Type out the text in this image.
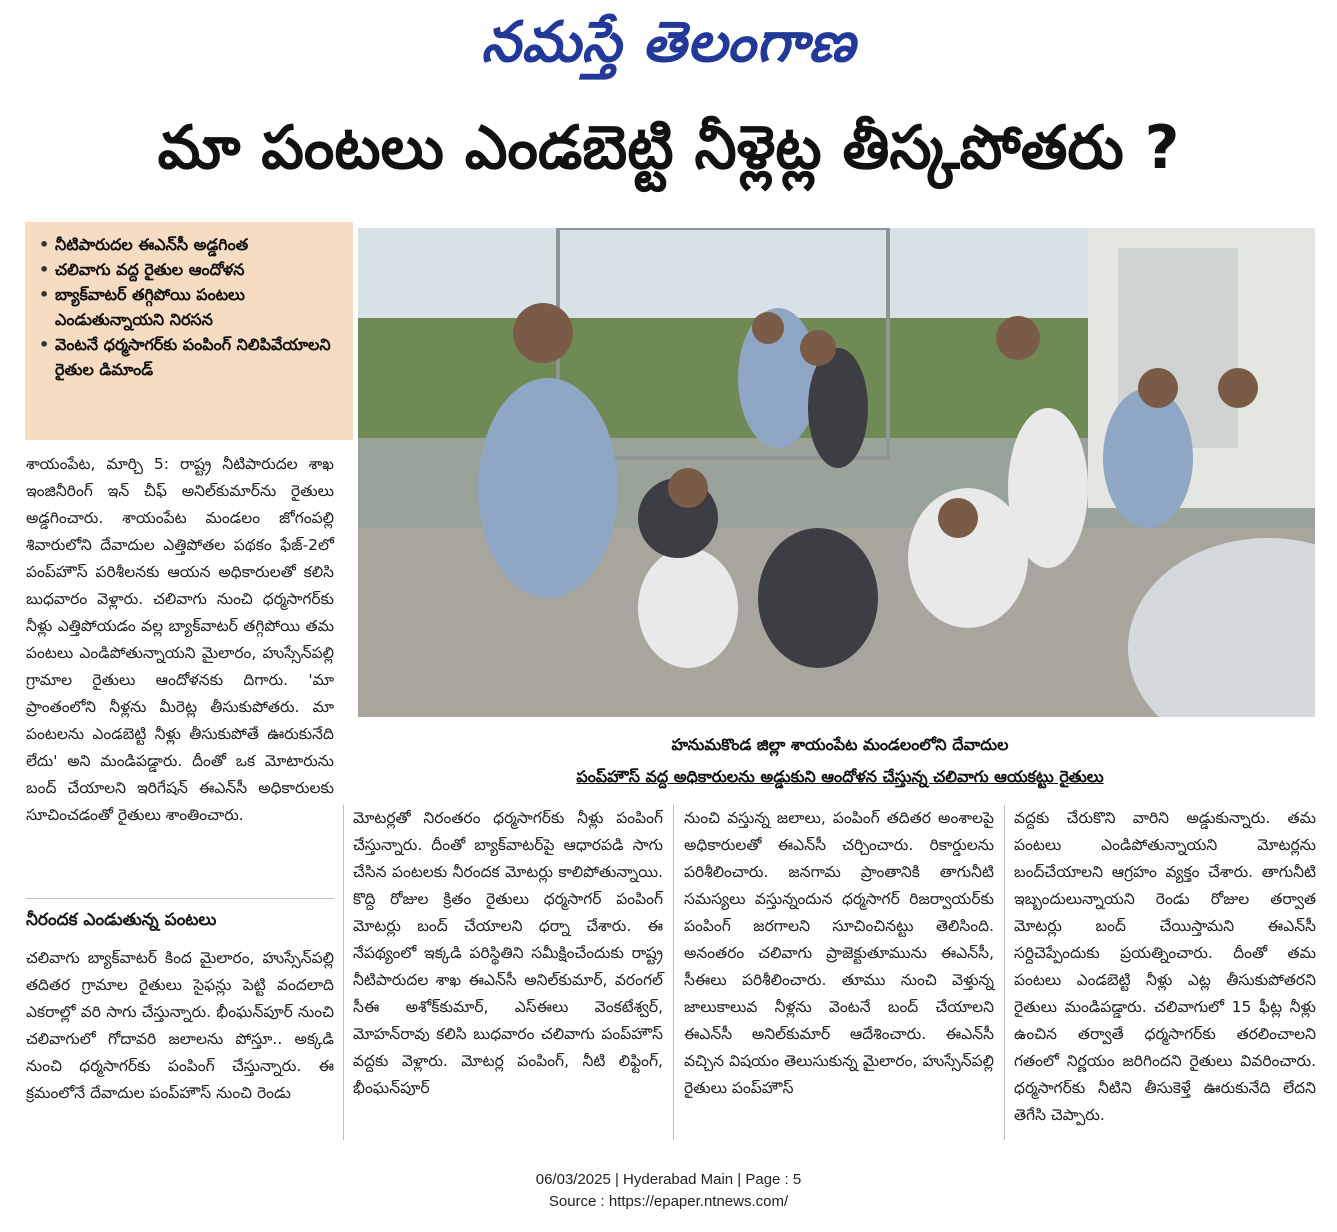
నమస్తే తెలంగాణ
మా పంటలు ఎండబెట్టి నీళ్లెట్ల తీస్కపోతరు ?
• నీటిపారుదల ఈఎన్‌సీ అడ్డగింత
• చలివాగు వద్ద రైతుల ఆందోళన
• బ్యాక్‌వాటర్ తగ్గిపోయి పంటలు ఎండుతున్నాయని నిరసన
• వెంటనే ధర్మసాగర్‌కు పంపింగ్ నిలిపివేయాలని రైతుల డిమాండ్
హనుమకొండ జిల్లా శాయంపేట మండలంలోని దేవాదుల
పంప్‌హౌస్ వద్ద అధికారులను అడ్డుకుని ఆందోళన చేస్తున్న చలివాగు ఆయకట్టు రైతులు

శాయంపేట, మార్చి 5: రాష్ట్ర నీటిపారుదల శాఖ ఇంజినీరింగ్ ఇన్ చీఫ్ అనిల్‌కుమార్‌ను రైతులు అడ్డగించారు. శాయంపేట మండలం జోగంపల్లి శివారులోని దేవాదుల ఎత్తిపోతల పథకం ఫేజ్-2లో పంప్‌హౌస్ పరిశీలనకు ఆయన అధికారులతో కలిసి బుధవారం వెళ్లారు. చలివాగు నుంచి ధర్మసాగర్‌కు నీళ్లు ఎత్తిపోయడం వల్ల బ్యాక్‌వాటర్ తగ్గిపోయి తమ పంటలు ఎండిపోతున్నాయని మైలారం, హుస్సేన్‌పల్లి గ్రామాల రైతులు ఆందోళనకు దిగారు. 'మా ప్రాంతంలోని నీళ్లను మీరెట్ల తీసుకుపోతరు. మా పంటలను ఎండబెట్టి నీళ్లు తీసుకుపోతే ఊరుకునేది లేదు' అని మండిపడ్డారు. దీంతో ఒక మోటారును బంద్ చేయాలని ఇరిగేషన్ ఈఎన్‌సీ అధికారులకు సూచించడంతో రైతులు శాంతించారు.

నీరందక ఎండుతున్న పంటలు

చలివాగు బ్యాక్‌వాటర్ కింద మైలారం, హుస్సేన్‌పల్లి తదితర గ్రామాల రైతులు సైఫన్లు పెట్టి వందలాది ఎకరాల్లో వరి సాగు చేస్తున్నారు. భీంఘన్‌పూర్ నుంచి చలివాగులో గోదావరి జలాలను పోస్తూ.. అక్కడి నుంచి ధర్మసాగర్‌కు పంపింగ్ చేస్తున్నారు. ఈ క్రమంలోనే దేవాదుల పంప్‌హౌస్ నుంచి రెండు

మోటర్లతో నిరంతరం ధర్మసాగర్‌కు నీళ్లు పంపింగ్ చేస్తున్నారు. దీంతో బ్యాక్‌వాటర్‌పై ఆధారపడి సాగు చేసిన పంటలకు నీరందక మోటర్లు కాలిపోతున్నాయి. కొద్ది రోజుల క్రితం రైతులు ధర్మసాగర్ పంపింగ్ మోటర్లు బంద్ చేయాలని ధర్నా చేశారు. ఈ నేపథ్యంలో ఇక్కడి పరిస్థితిని సమీక్షించేందుకు రాష్ట్ర నీటిపారుదల శాఖ ఈఎన్‌సీ అనిల్‌కుమార్, వరంగల్ సీఈ అశోక్‌కుమార్, ఎస్ఈలు వెంకటేశ్వర్, మోహన్‌రావు కలిసి బుధవారం చలివాగు పంప్‌హౌస్ వద్దకు వెళ్లారు. మోటర్ల పంపింగ్, నీటి లిఫ్టింగ్, భీంఘన్‌పూర్

నుంచి వస్తున్న జలాలు, పంపింగ్ తదితర అంశాలపై అధికారులతో ఈఎన్‌సీ చర్చించారు. రికార్డులను పరిశీలించారు. జనగామ ప్రాంతానికి తాగునీటి సమస్యలు వస్తున్నందున ధర్మసాగర్ రిజర్వాయర్‌కు పంపింగ్ జరగాలని సూచించినట్టు తెలిసింది. అనంతరం చలివాగు ప్రాజెక్టుతూమును ఈఎన్‌సీ, సీఈలు పరిశీలించారు. తూము నుంచి వెళ్తున్న జాలుకాలువ నీళ్లను వెంటనే బంద్ చేయాలని ఈఎన్‌సీ అనిల్‌కుమార్ ఆదేశించారు. ఈఎన్‌సీ వచ్చిన విషయం తెలుసుకున్న మైలారం, హుస్సేన్‌పల్లి రైతులు పంప్‌హౌస్

వద్దకు చేరుకొని వారిని అడ్డుకున్నారు. తమ పంటలు ఎండిపోతున్నాయని మోటర్లను బంద్‌చేయాలని ఆగ్రహం వ్యక్తం చేశారు. తాగునీటి ఇబ్బందులున్నాయని రెండు రోజుల తర్వాత మోటర్లు బంద్ చేయిస్తామని ఈఎన్‌సీ సర్దిచెప్పేందుకు ప్రయత్నించారు. దీంతో తమ పంటలు ఎండబెట్టి నీళ్లు ఎట్ల తీసుకుపోతరని రైతులు మండిపడ్డారు. చలివాగులో 15 ఫీట్ల నీళ్లు ఉంచిన తర్వాతే ధర్మసాగర్‌కు తరలించాలని గతంలో నిర్ణయం జరిగిందని రైతులు వివరించారు. ధర్మసాగర్‌కు నీటిని తీసుకెళ్తే ఊరుకునేది లేదని తెగేసి చెప్పారు.

06/03/2025 | Hyderabad Main | Page : 5
Source : https://epaper.ntnews.com/
